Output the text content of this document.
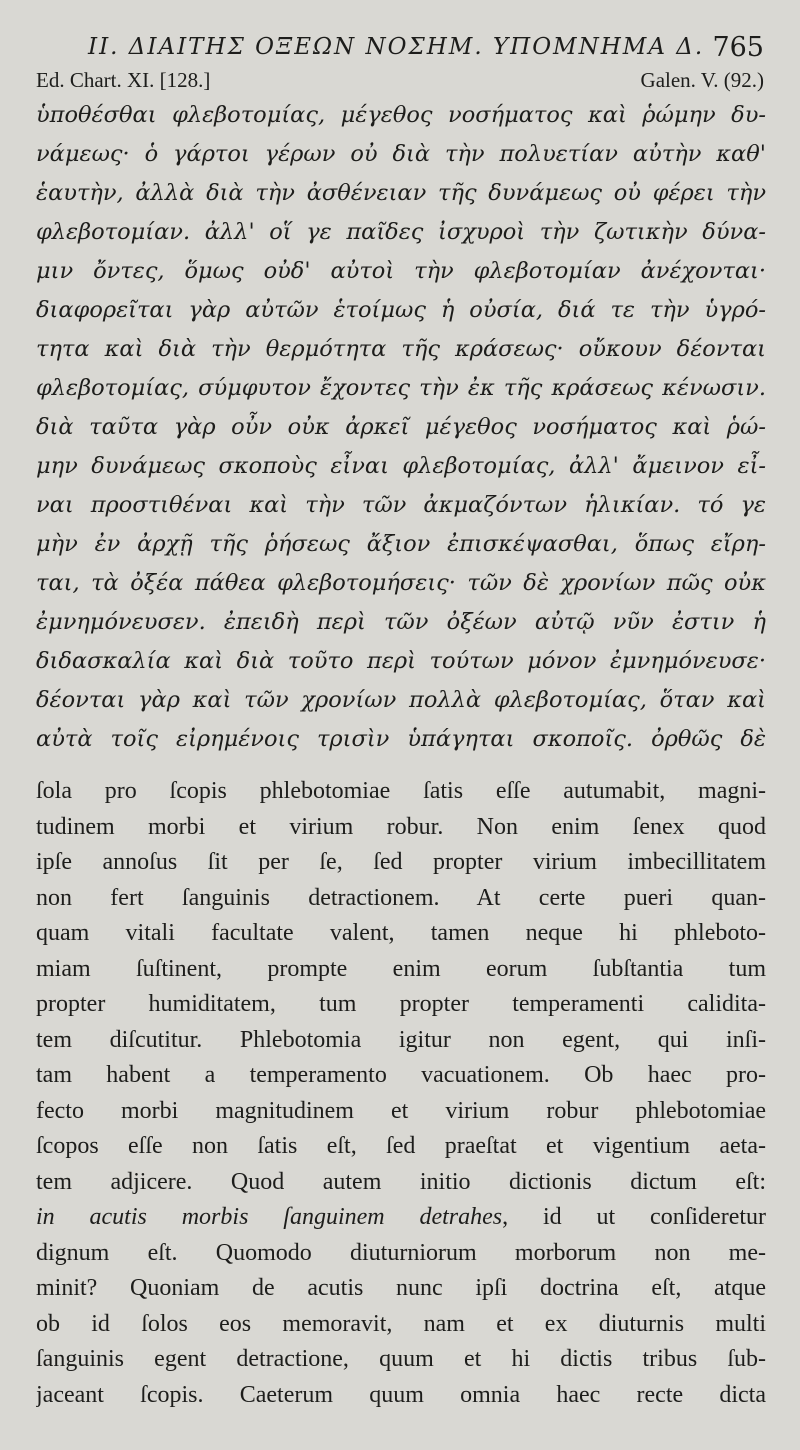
II. ΔΙΑΙΤΗΣ ΟΞΕΩΝ ΝΟΣΗΜ. ΥΠΟΜΝΗΜΑ Δ. 765
Ed. Chart. XI. [128.]	Galen. V. (92.)
ὑποθέσθαι φλεβοτομίας, μέγεθος νοσήματος καὶ ῥώμην δυ-
νάμεως· ὁ γάρτοι γέρων οὐ διὰ τὴν πολυετίαν αὐτὴν καθ'
ἑαυτὴν, ἀλλὰ διὰ τὴν ἀσθένειαν τῆς δυνάμεως οὐ φέρει τὴν
φλεβοτομίαν. ἀλλ' οἵ γε παῖδες ἰσχυροὶ τὴν ζωτικὴν δύνα-
μιν ὄντες, ὅμως οὐδ' αὐτοὶ τὴν φλεβοτομίαν ἀνέχονται·
διαφορεῖται γὰρ αὐτῶν ἑτοίμως ἡ οὐσία, διά τε τὴν ὑγρό-
τητα καὶ διὰ τὴν θερμότητα τῆς κράσεως· οὔκουν δέονται
φλεβοτομίας, σύμφυτον ἔχοντες τὴν ἐκ τῆς κράσεως κένωσιν.
διὰ ταῦτα γὰρ οὖν οὐκ ἀρκεῖ μέγεθος νοσήματος καὶ ῥώ-
μην δυνάμεως σκοποὺς εἶναι φλεβοτομίας, ἀλλ' ἄμεινον εἶ-
ναι προστιθέναι καὶ τὴν τῶν ἀκμαζόντων ἡλικίαν. τό γε
μὴν ἐν ἀρχῇ τῆς ῥήσεως ἄξιον ἐπισκέψασθαι, ὅπως εἴρη-
ται, τὰ ὀξέα πάθεα φλεβοτομήσεις· τῶν δὲ χρονίων πῶς οὐκ
ἐμνημόνευσεν. ἐπειδὴ περὶ τῶν ὀξέων αὐτῷ νῦν ἐστιν ἡ
διδασκαλία καὶ διὰ τοῦτο περὶ τούτων μόνον ἐμνημόνευσε·
δέονται γὰρ καὶ τῶν χρονίων πολλὰ φλεβοτομίας, ὅταν καὶ
αὐτὰ τοῖς εἰρημένοις τρισὶν ὑπάγηται σκοποῖς. ὀρθῶς δὲ
ſola pro ſcopis phlebotomiae ſatis eſſe autumabit, magni-
tudinem morbi et virium robur. Non enim ſenex quod
ipſe annoſus ſit per ſe, ſed propter virium imbecillitatem
non fert ſanguinis detractionem. At certe pueri quan-
quam vitali facultate valent, tamen neque hi phleboto-
miam ſuſtinent, prompte enim eorum ſubſtantia tum
propter humiditatem, tum propter temperamenti calidita-
tem diſcutitur. Phlebotomia igitur non egent, qui inſi-
tam habent a temperamento vacuationem. Ob haec pro-
fecto morbi magnitudinem et virium robur phlebotomiae
ſcopos eſſe non ſatis eſt, ſed praeſtat et vigentium aeta-
tem adjicere. Quod autem initio dictionis dictum eſt:
in acutis morbis ſanguinem detrahes, id ut conſideretur
dignum eſt. Quomodo diuturniorum morborum non me-
minit? Quoniam de acutis nunc ipſi doctrina eſt, atque
ob id ſolos eos memoravit, nam et ex diuturnis multi
ſanguinis egent detractione, quum et hi dictis tribus ſub-
jaceant ſcopis. Caeterum quum omnia haec recte dicta
